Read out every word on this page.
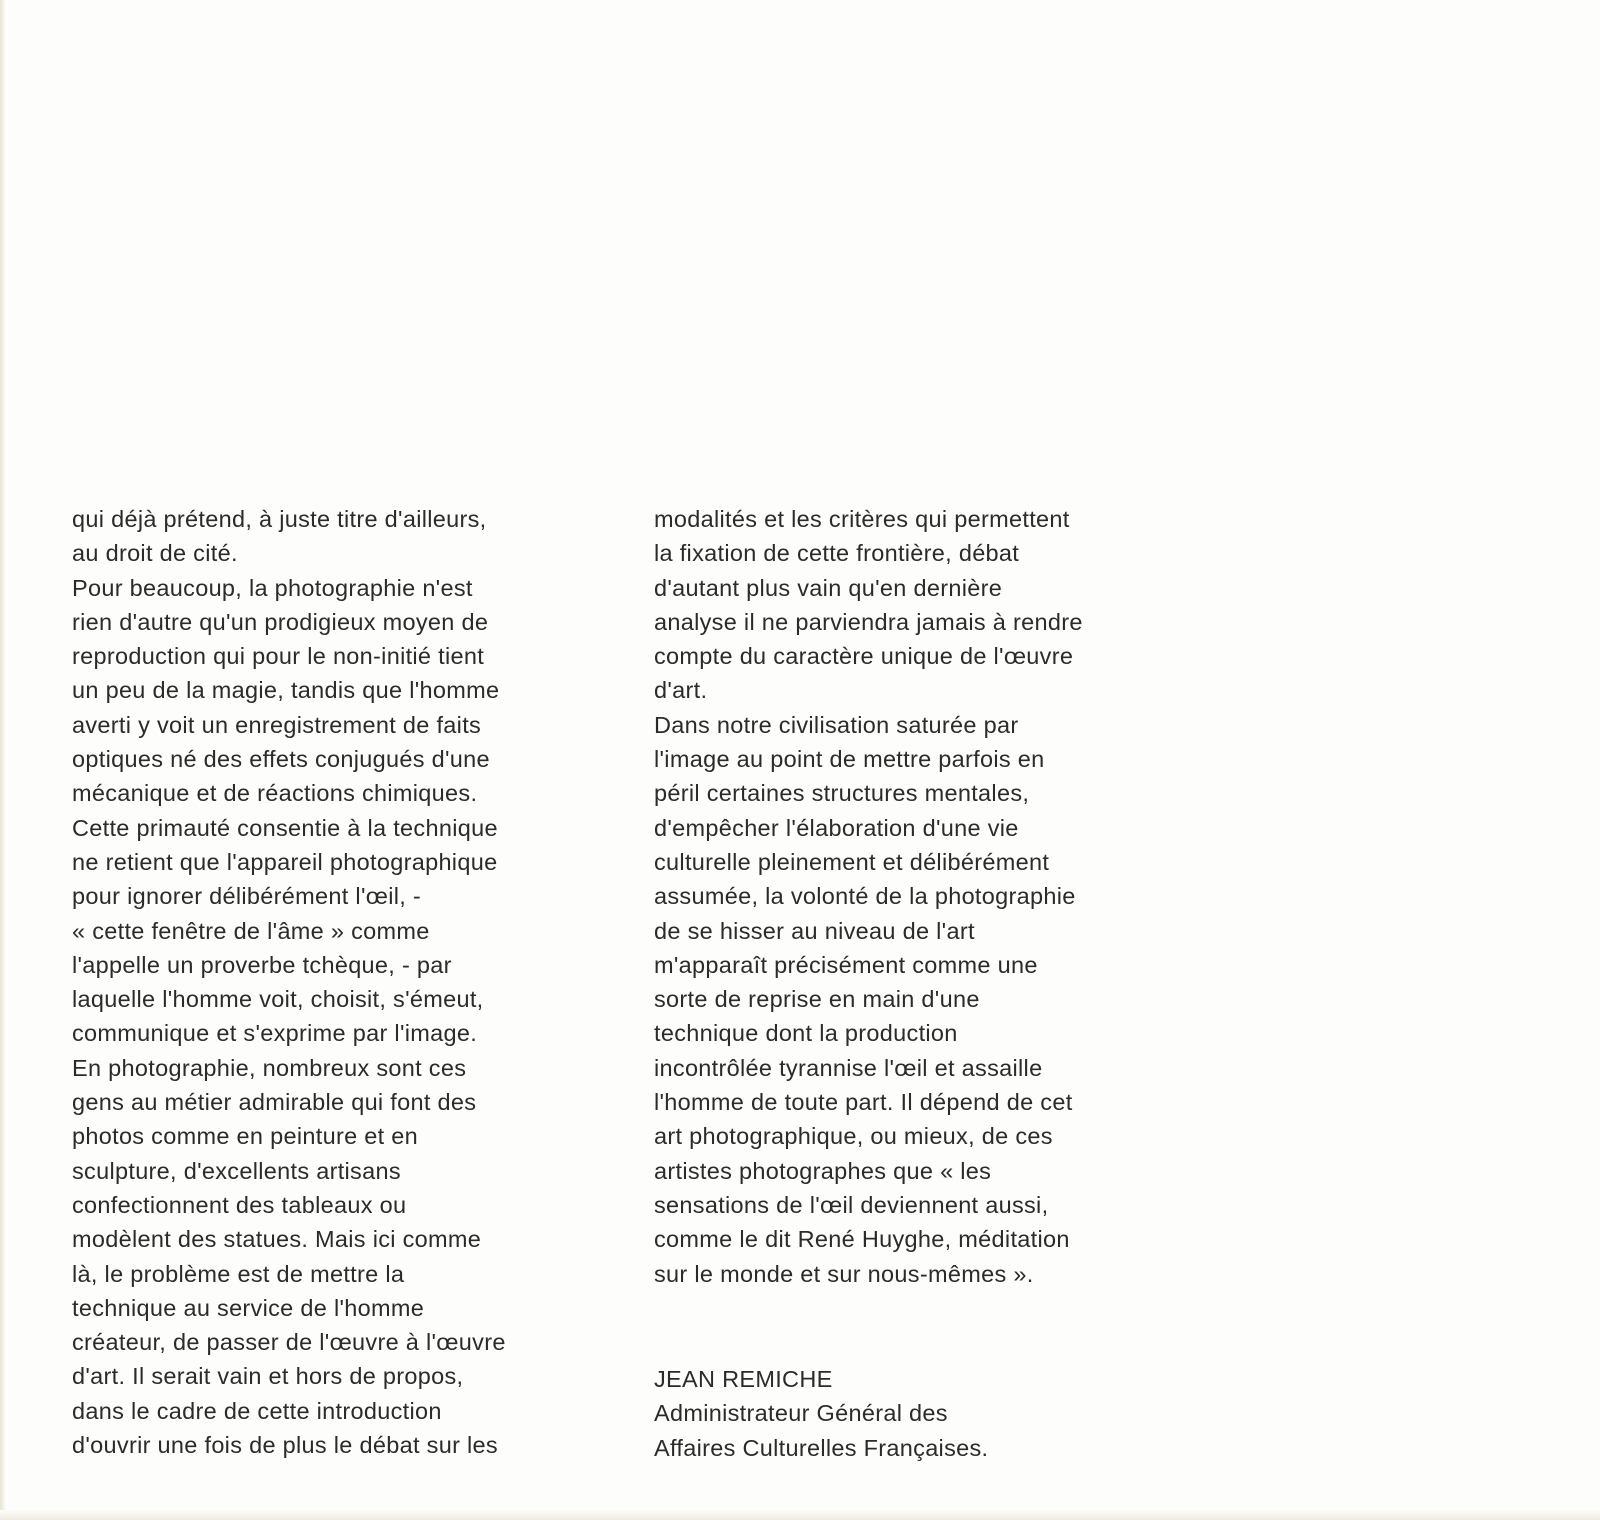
qui déjà prétend, à juste titre d'ailleurs,
au droit de cité.
Pour beaucoup, la photographie n'est
rien d'autre qu'un prodigieux moyen de
reproduction qui pour le non-initié tient
un peu de la magie, tandis que l'homme
averti y voit un enregistrement de faits
optiques né des effets conjugués d'une
mécanique et de réactions chimiques.
Cette primauté consentie à la technique
ne retient que l'appareil photographique
pour ignorer délibérément l'œil, -
« cette fenêtre de l'âme » comme
l'appelle un proverbe tchèque, - par
laquelle l'homme voit, choisit, s'émeut,
communique et s'exprime par l'image.
En photographie, nombreux sont ces
gens au métier admirable qui font des
photos comme en peinture et en
sculpture, d'excellents artisans
confectionnent des tableaux ou
modèlent des statues. Mais ici comme
là, le problème est de mettre la
technique au service de l'homme
créateur, de passer de l'œuvre à l'œuvre
d'art. Il serait vain et hors de propos,
dans le cadre de cette introduction
d'ouvrir une fois de plus le débat sur les
modalités et les critères qui permettent
la fixation de cette frontière, débat
d'autant plus vain qu'en dernière
analyse il ne parviendra jamais à rendre
compte du caractère unique de l'œuvre
d'art.
Dans notre civilisation saturée par
l'image au point de mettre parfois en
péril certaines structures mentales,
d'empêcher l'élaboration d'une vie
culturelle pleinement et délibérément
assumée, la volonté de la photographie
de se hisser au niveau de l'art
m'apparaît précisément comme une
sorte de reprise en main d'une
technique dont la production
incontrôlée tyrannise l'œil et assaille
l'homme de toute part. Il dépend de cet
art photographique, ou mieux, de ces
artistes photographes que « les
sensations de l'œil deviennent aussi,
comme le dit René Huyghe, méditation
sur le monde et sur nous-mêmes ».
JEAN REMICHE
Administrateur Général des
Affaires Culturelles Françaises.
